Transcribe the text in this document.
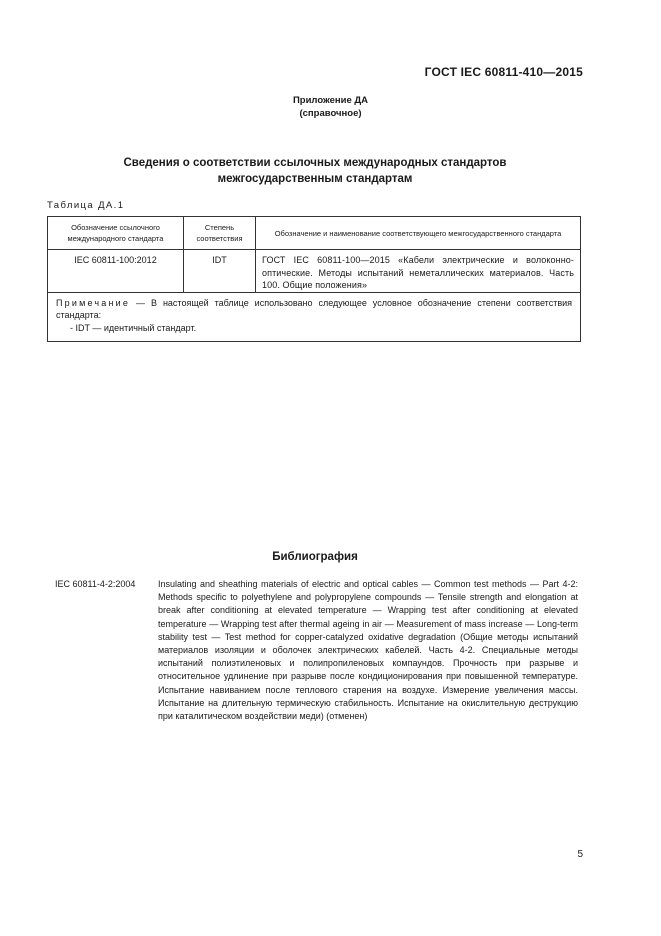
ГОСТ IEC 60811-410—2015
Приложение ДА
(справочное)
Сведения о соответствии ссылочных международных стандартов
межгосударственным стандартам
Таблица ДА.1
Обозначение ссылочного международного стандарта	Степень соответствия	Обозначение и наименование соответствующего межгосударственного стандарта
IEC 60811-100:2012	IDT	ГОСТ IEC 60811-100—2015 «Кабели электрические и волоконно-оптические. Методы испытаний неметаллических материалов. Часть 100. Общие положения»
Примечание — В настоящей таблице использовано следующее условное обозначение степени соответствия стандарта:
- IDT — идентичный стандарт.		
Библиография
IEC 60811-4-2:2004	Insulating and sheathing materials of electric and optical cables — Common test methods — Part 4-2: Methods specific to polyethylene and polypropylene compounds — Tensile strength and elongation at break after conditioning at elevated temperature — Wrapping test after conditioning at elevated temperature — Wrapping test after thermal ageing in air — Measurement of mass increase — Long-term stability test — Test method for copper-catalyzed oxidative degradation (Общие методы испытаний материалов изоляции и оболочек электрических кабелей. Часть 4-2. Специальные методы испытаний полиэтиленовых и полипропиленовых компаундов. Прочность при разрыве и относительное удлинение при разрыве после кондиционирования при повышенной температуре. Испытание навиванием после теплового старения на воздухе. Измерение увеличения массы. Испытание на длительную термическую стабильность. Испытание на окислительную деструкцию при каталитическом воздействии меди) (отменен)
5
